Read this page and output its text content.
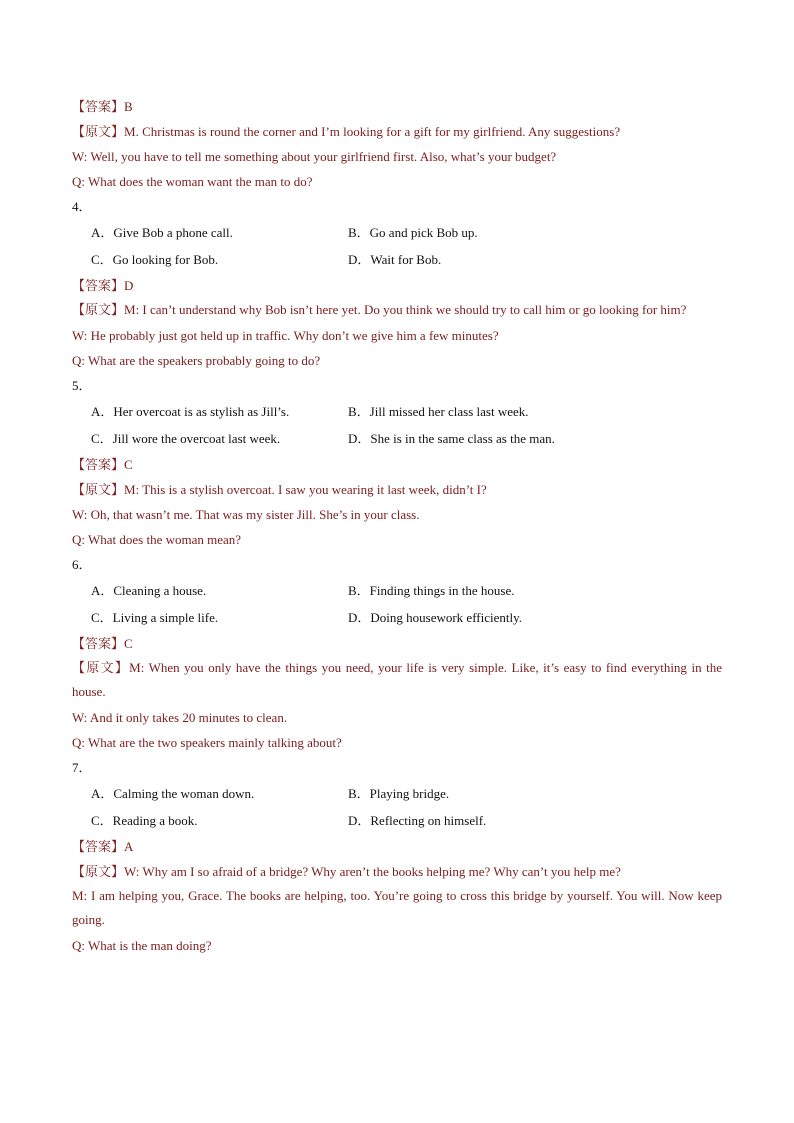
【答案】B
【原文】M. Christmas is round the corner and I’m looking for a gift for my girlfriend. Any suggestions?
W: Well, you have to tell me something about your girlfriend first. Also, what’s your budget?
Q: What does the woman want the man to do?
4．
A．Give Bob a phone call.	B．Go and pick Bob up.
C．Go looking for Bob.	D．Wait for Bob.
【答案】D
【原文】M: I can’t understand why Bob isn’t here yet. Do you think we should try to call him or go looking for him?
W: He probably just got held up in traffic. Why don’t we give him a few minutes?
Q: What are the speakers probably going to do?
5．
A．Her overcoat is as stylish as Jill’s.	B．Jill missed her class last week.
C．Jill wore the overcoat last week.	D．She is in the same class as the man.
【答案】C
【原文】M: This is a stylish overcoat. I saw you wearing it last week, didn’t I?
W: Oh, that wasn’t me. That was my sister Jill. She’s in your class.
Q: What does the woman mean?
6．
A．Cleaning a house.	B．Finding things in the house.
C．Living a simple life.	D．Doing housework efficiently.
【答案】C
【原文】M: When you only have the things you need, your life is very simple. Like, it’s easy to find everything in the house.
W: And it only takes 20 minutes to clean.
Q: What are the two speakers mainly talking about?
7．
A．Calming the woman down.	B．Playing bridge.
C．Reading a book.	D．Reflecting on himself.
【答案】A
【原文】W: Why am I so afraid of a bridge? Why aren’t the books helping me? Why can’t you help me?
M: I am helping you, Grace. The books are helping, too. You’re going to cross this bridge by yourself. You will. Now keep going.
Q: What is the man doing?
